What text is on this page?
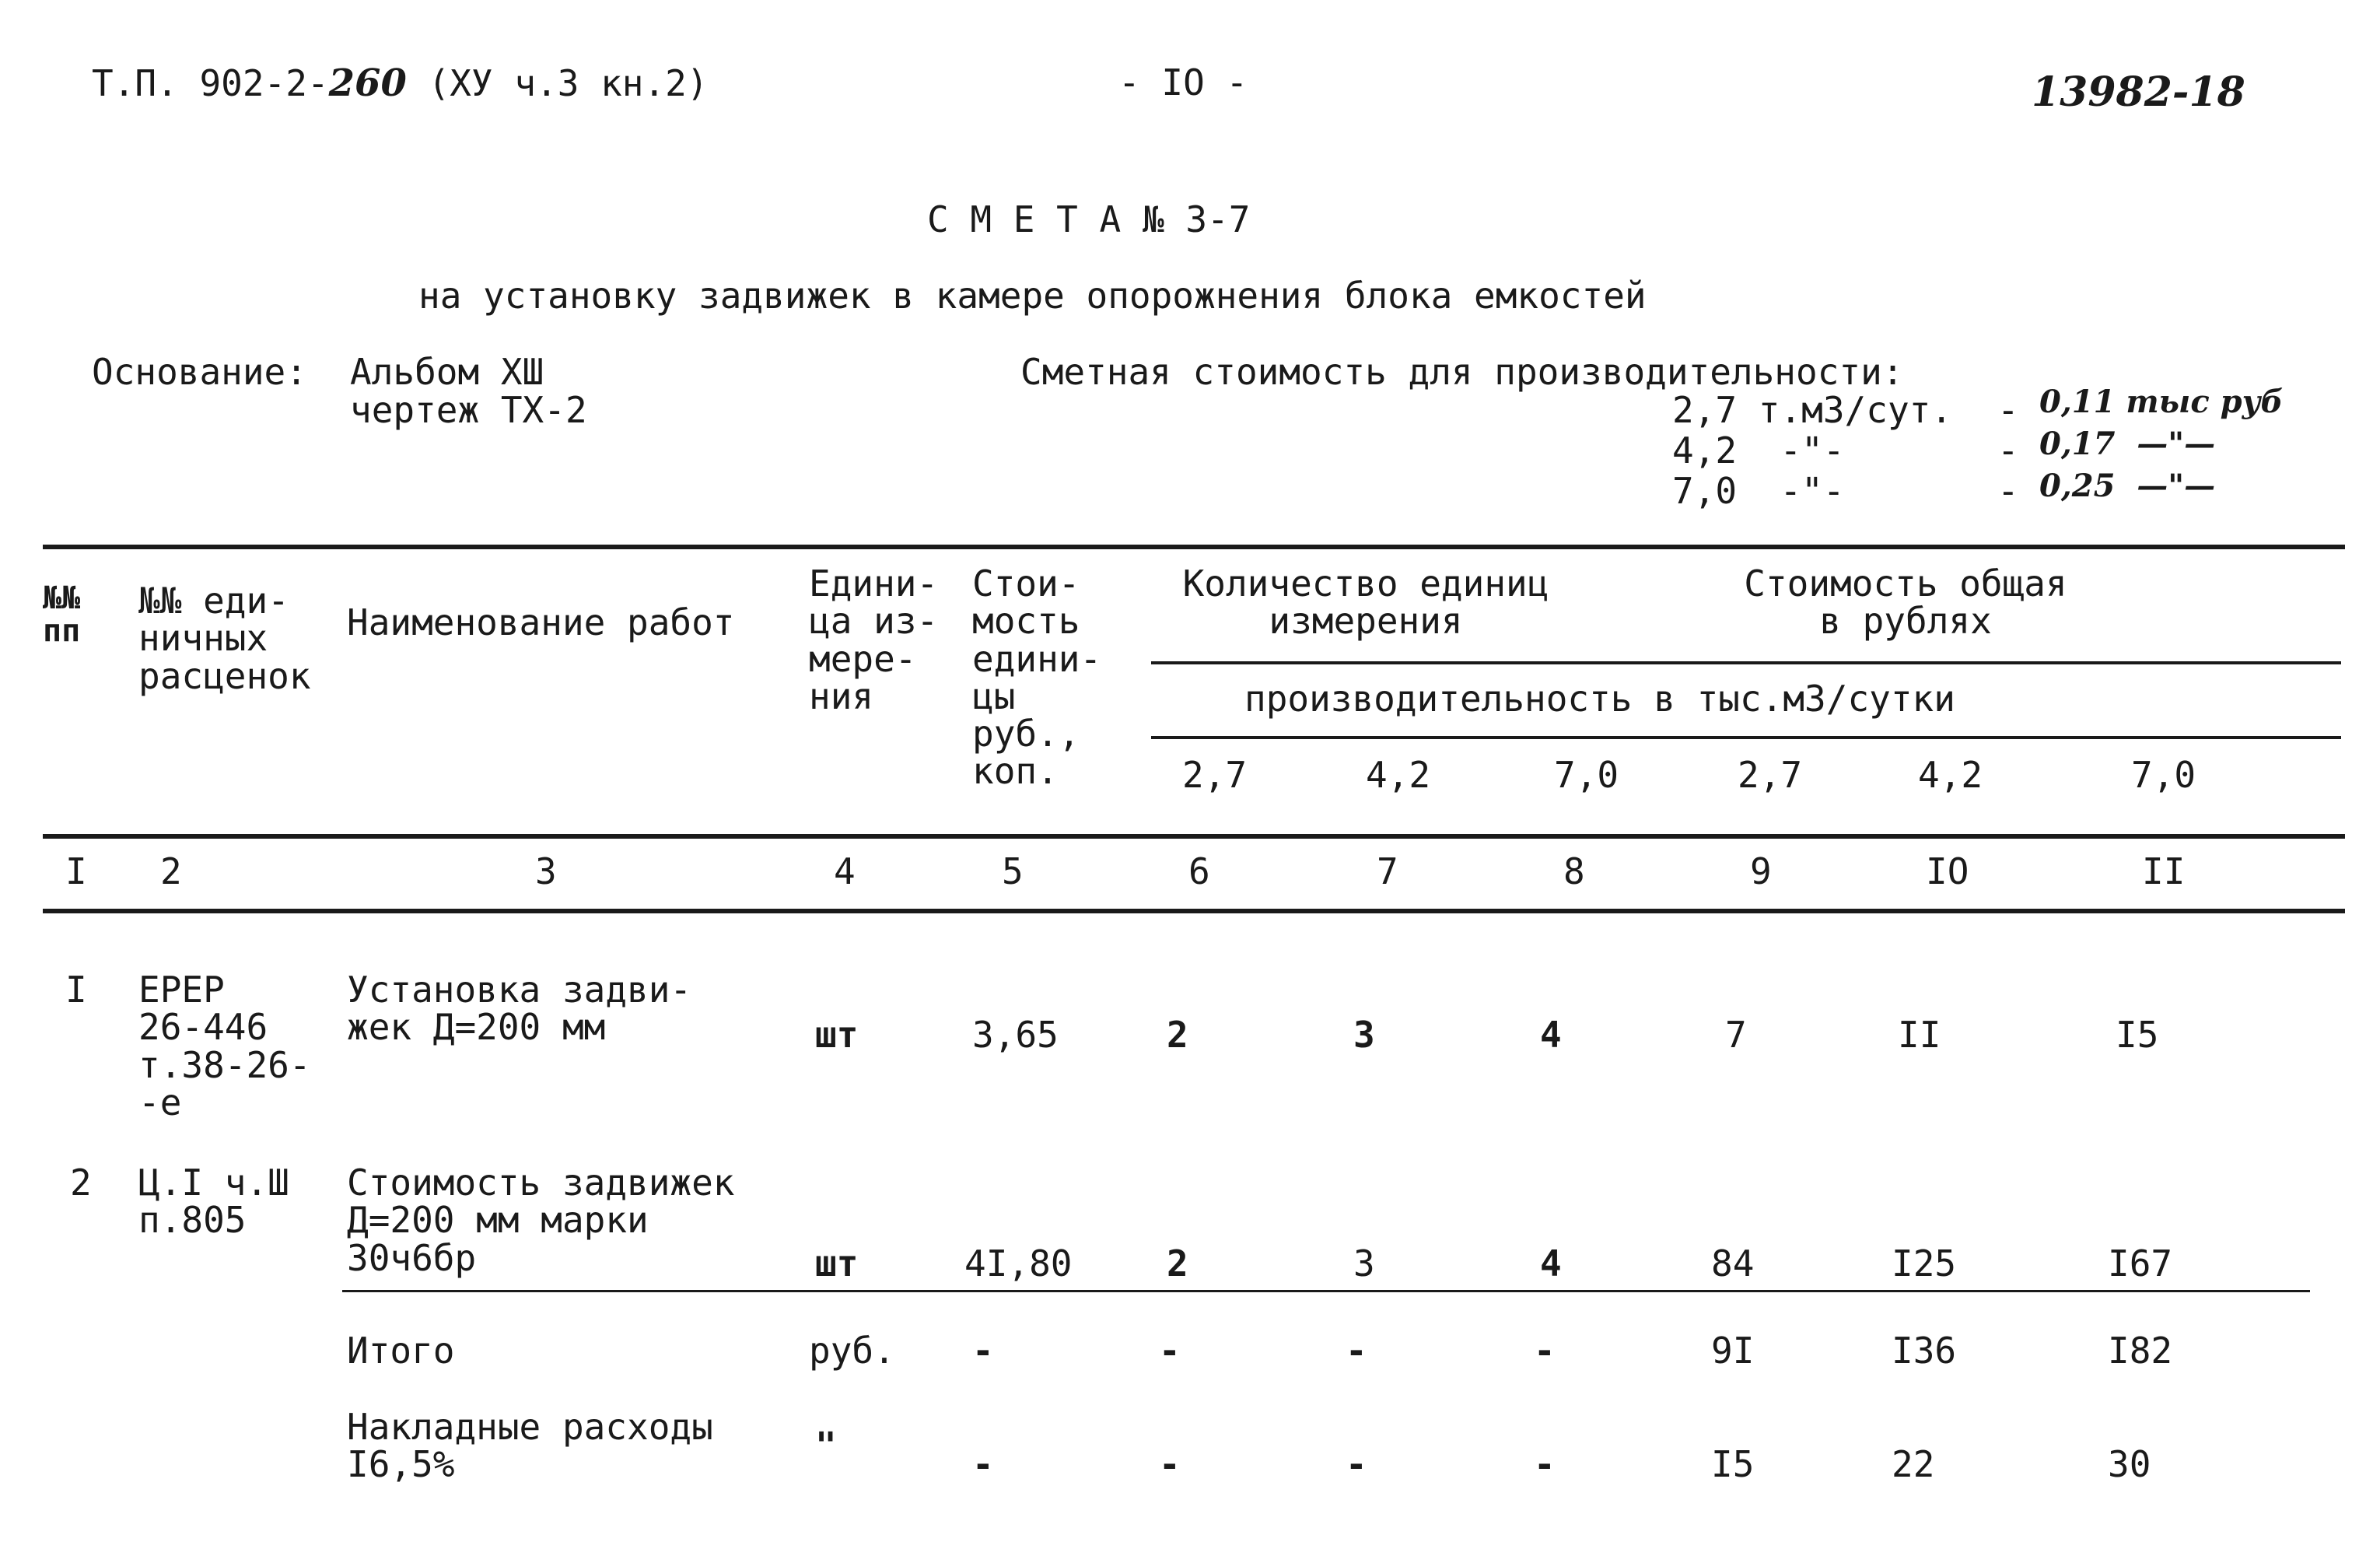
Т.П. 902-2-260 (ХУ ч.3 кн.2)	- IO -	13982-18
С М Е Т А № 3-7
на установку задвижек в камере опорожнения блока емкостей
Основание: Альбом XШ
чертеж ТХ-2
Сметная стоимость для производительности:
2,7 т.м3/сут. - 0,11 тыс руб
4,2  -"-	- 0,17  —"—
7,0  -"-	- 0,25  —"—
№№
пп
№№ еди-
ничных
расценок
Наименование работ
Едини-
ца из-
мере-
ния
Стои-
мость
едини-
цы
руб.,
коп.
Количество единиц
измерения
Стоимость общая
в рублях
производительность в тыс.м3/сутки
2,7	4,2	7,0	2,7	4,2	7,0
I 2	3	4	5	6	7	8	9	IO	II
I ЕРЕР
26-446
т.38-26-
-е
Установка задви-
жек Д=200 мм	шт	3,65	2	3	4	7	II	I5
2 Ц.I ч.Ш
п.805
Стоимость задвижек
Д=200 мм марки
30ч6бр	шт	4I,80	2	3	4	84	I25	I67
Итого	руб. -	-	-	-	9I	I36	I82
Накладные расходы
I6,5%	"	-	-	-	-	I5	22	30
